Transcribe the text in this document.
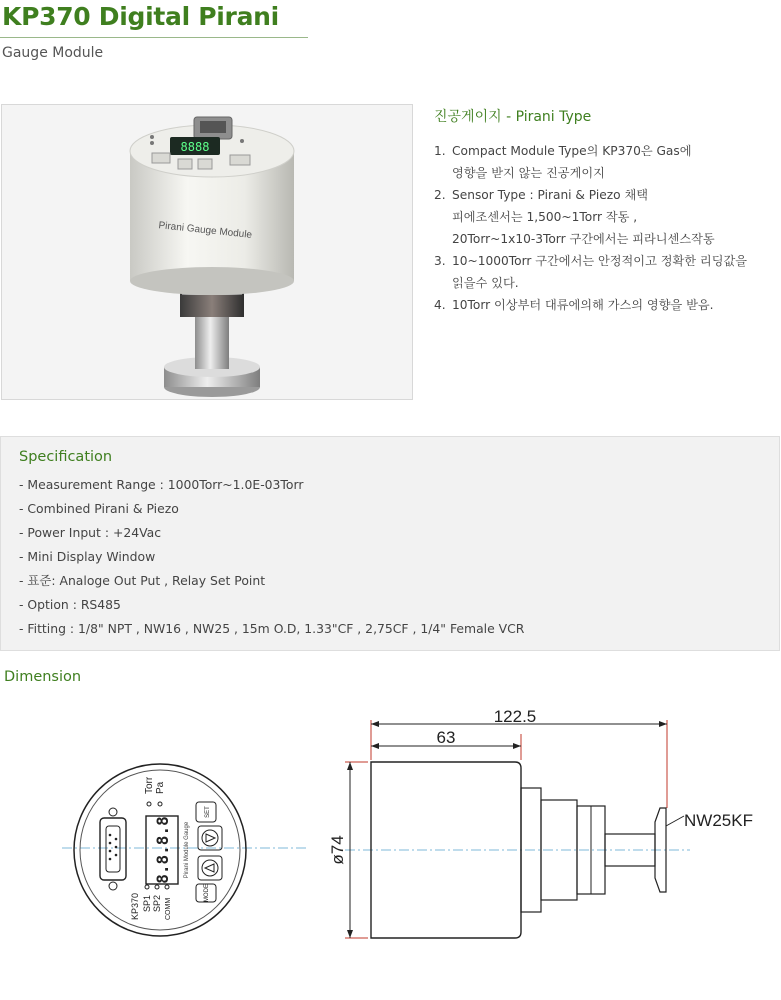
KP370 Digital Pirani
Gauge Module
8888
Pirani Gauge Module
진공게이지 - Pirani Type
1. Compact Module Type의 KP370은 Gas에
영향을 받지 않는 진공게이지
2. Sensor Type : Pirani & Piezo 채택
피에조센서는 1,500~1Torr 작동 ,
20Torr~1x10-3Torr 구간에서는 피라니센스작동
3. 10~1000Torr 구간에서는 안정적이고 정확한 리딩값을
읽을수 있다.
4. 10Torr 이상부터 대류에의해 가스의 영향을 받음.
Specification
- Measurement Range : 1000Torr~1.0E-03Torr
- Combined Pirani & Piezo
- Power Input : +24Vac
- Mini Display Window
- 표준: Analoge Out Put , Relay Set Point
- Option : RS485
- Fitting : 1/8" NPT , NW16 , NW25 , 15m O.D, 1.33"CF , 2,75CF , 1/4" Female VCR
Dimension
8.8.8.8
SET
MODE
Pirani Module Gauge
Torr Pa
KP370 SP1 SP2 COMM
122.5
63
ø74
NW25KF
